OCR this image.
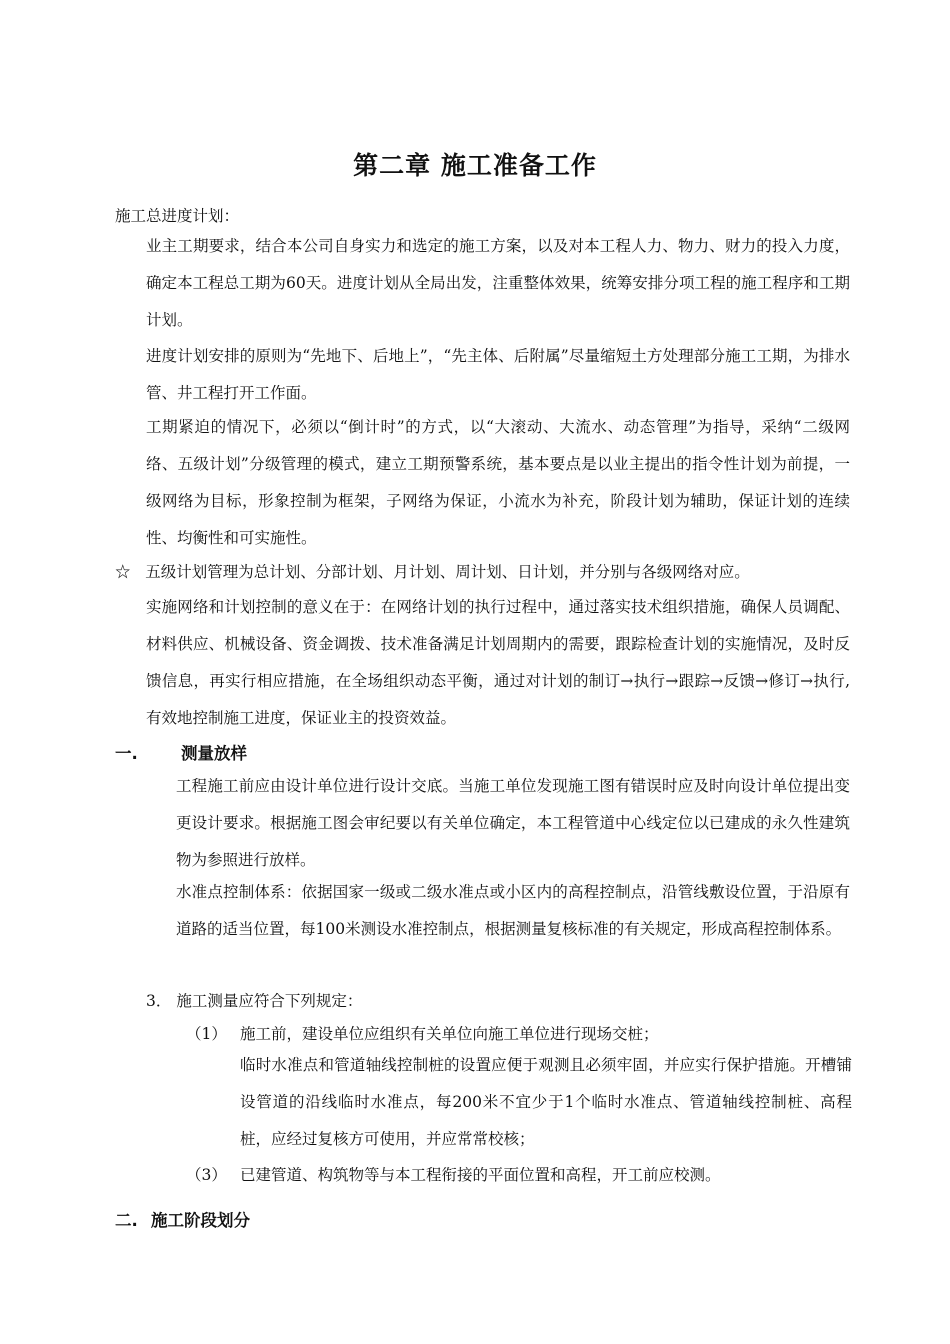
第二章 施工准备工作
施工总进度计划：
业主工期要求，结合本公司自身实力和选定的施工方案，以及对本工程人力、物力、财力的投入力度，确定本工程总工期为60天。进度计划从全局出发，注重整体效果，统筹安排分项工程的施工程序和工期计划。
进度计划安排的原则为“先地下、后地上”，“先主体、后附属”尽量缩短土方处理部分施工工期，为排水管、井工程打开工作面。
工期紧迫的情况下，必须以“倒计时”的方式，以“大滚动、大流水、动态管理”为指导，采纳“二级网络、五级计划”分级管理的模式，建立工期预警系统，基本要点是以业主提出的指令性计划为前提，一级网络为目标，形象控制为框架，子网络为保证，小流水为补充，阶段计划为辅助，保证计划的连续性、均衡性和可实施性。
☆ 五级计划管理为总计划、分部计划、月计划、周计划、日计划，并分别与各级网络对应。
实施网络和计划控制的意义在于：在网络计划的执行过程中，通过落实技术组织措施，确保人员调配、材料供应、机械设备、资金调拨、技术准备满足计划周期内的需要，跟踪检查计划的实施情况，及时反馈信息，再实行相应措施，在全场组织动态平衡，通过对计划的制订→执行→跟踪→反馈→修订→执行,有效地控制施工进度，保证业主的投资效益。
一.	测量放样
工程施工前应由设计单位进行设计交底。当施工单位发现施工图有错误时应及时向设计单位提出变更设计要求。根据施工图会审纪要以有关单位确定，本工程管道中心线定位以已建成的永久性建筑物为参照进行放样。
水准点控制体系：依据国家一级或二级水准点或小区内的高程控制点，沿管线敷设位置，于沿原有道路的适当位置，每100米测设水准控制点，根据测量复核标准的有关规定，形成高程控制体系。
3． 施工测量应符合下列规定：
（1） 施工前，建设单位应组织有关单位向施工单位进行现场交桩；
临时水准点和管道轴线控制桩的设置应便于观测且必须牢固，并应实行保护措施。开槽铺设管道的沿线临时水准点，每200米不宜少于1个临时水准点、管道轴线控制桩、高程桩，应经过复核方可使用，并应常常校核；
（3） 已建管道、构筑物等与本工程衔接的平面位置和高程，开工前应校测。
二. 施工阶段划分
